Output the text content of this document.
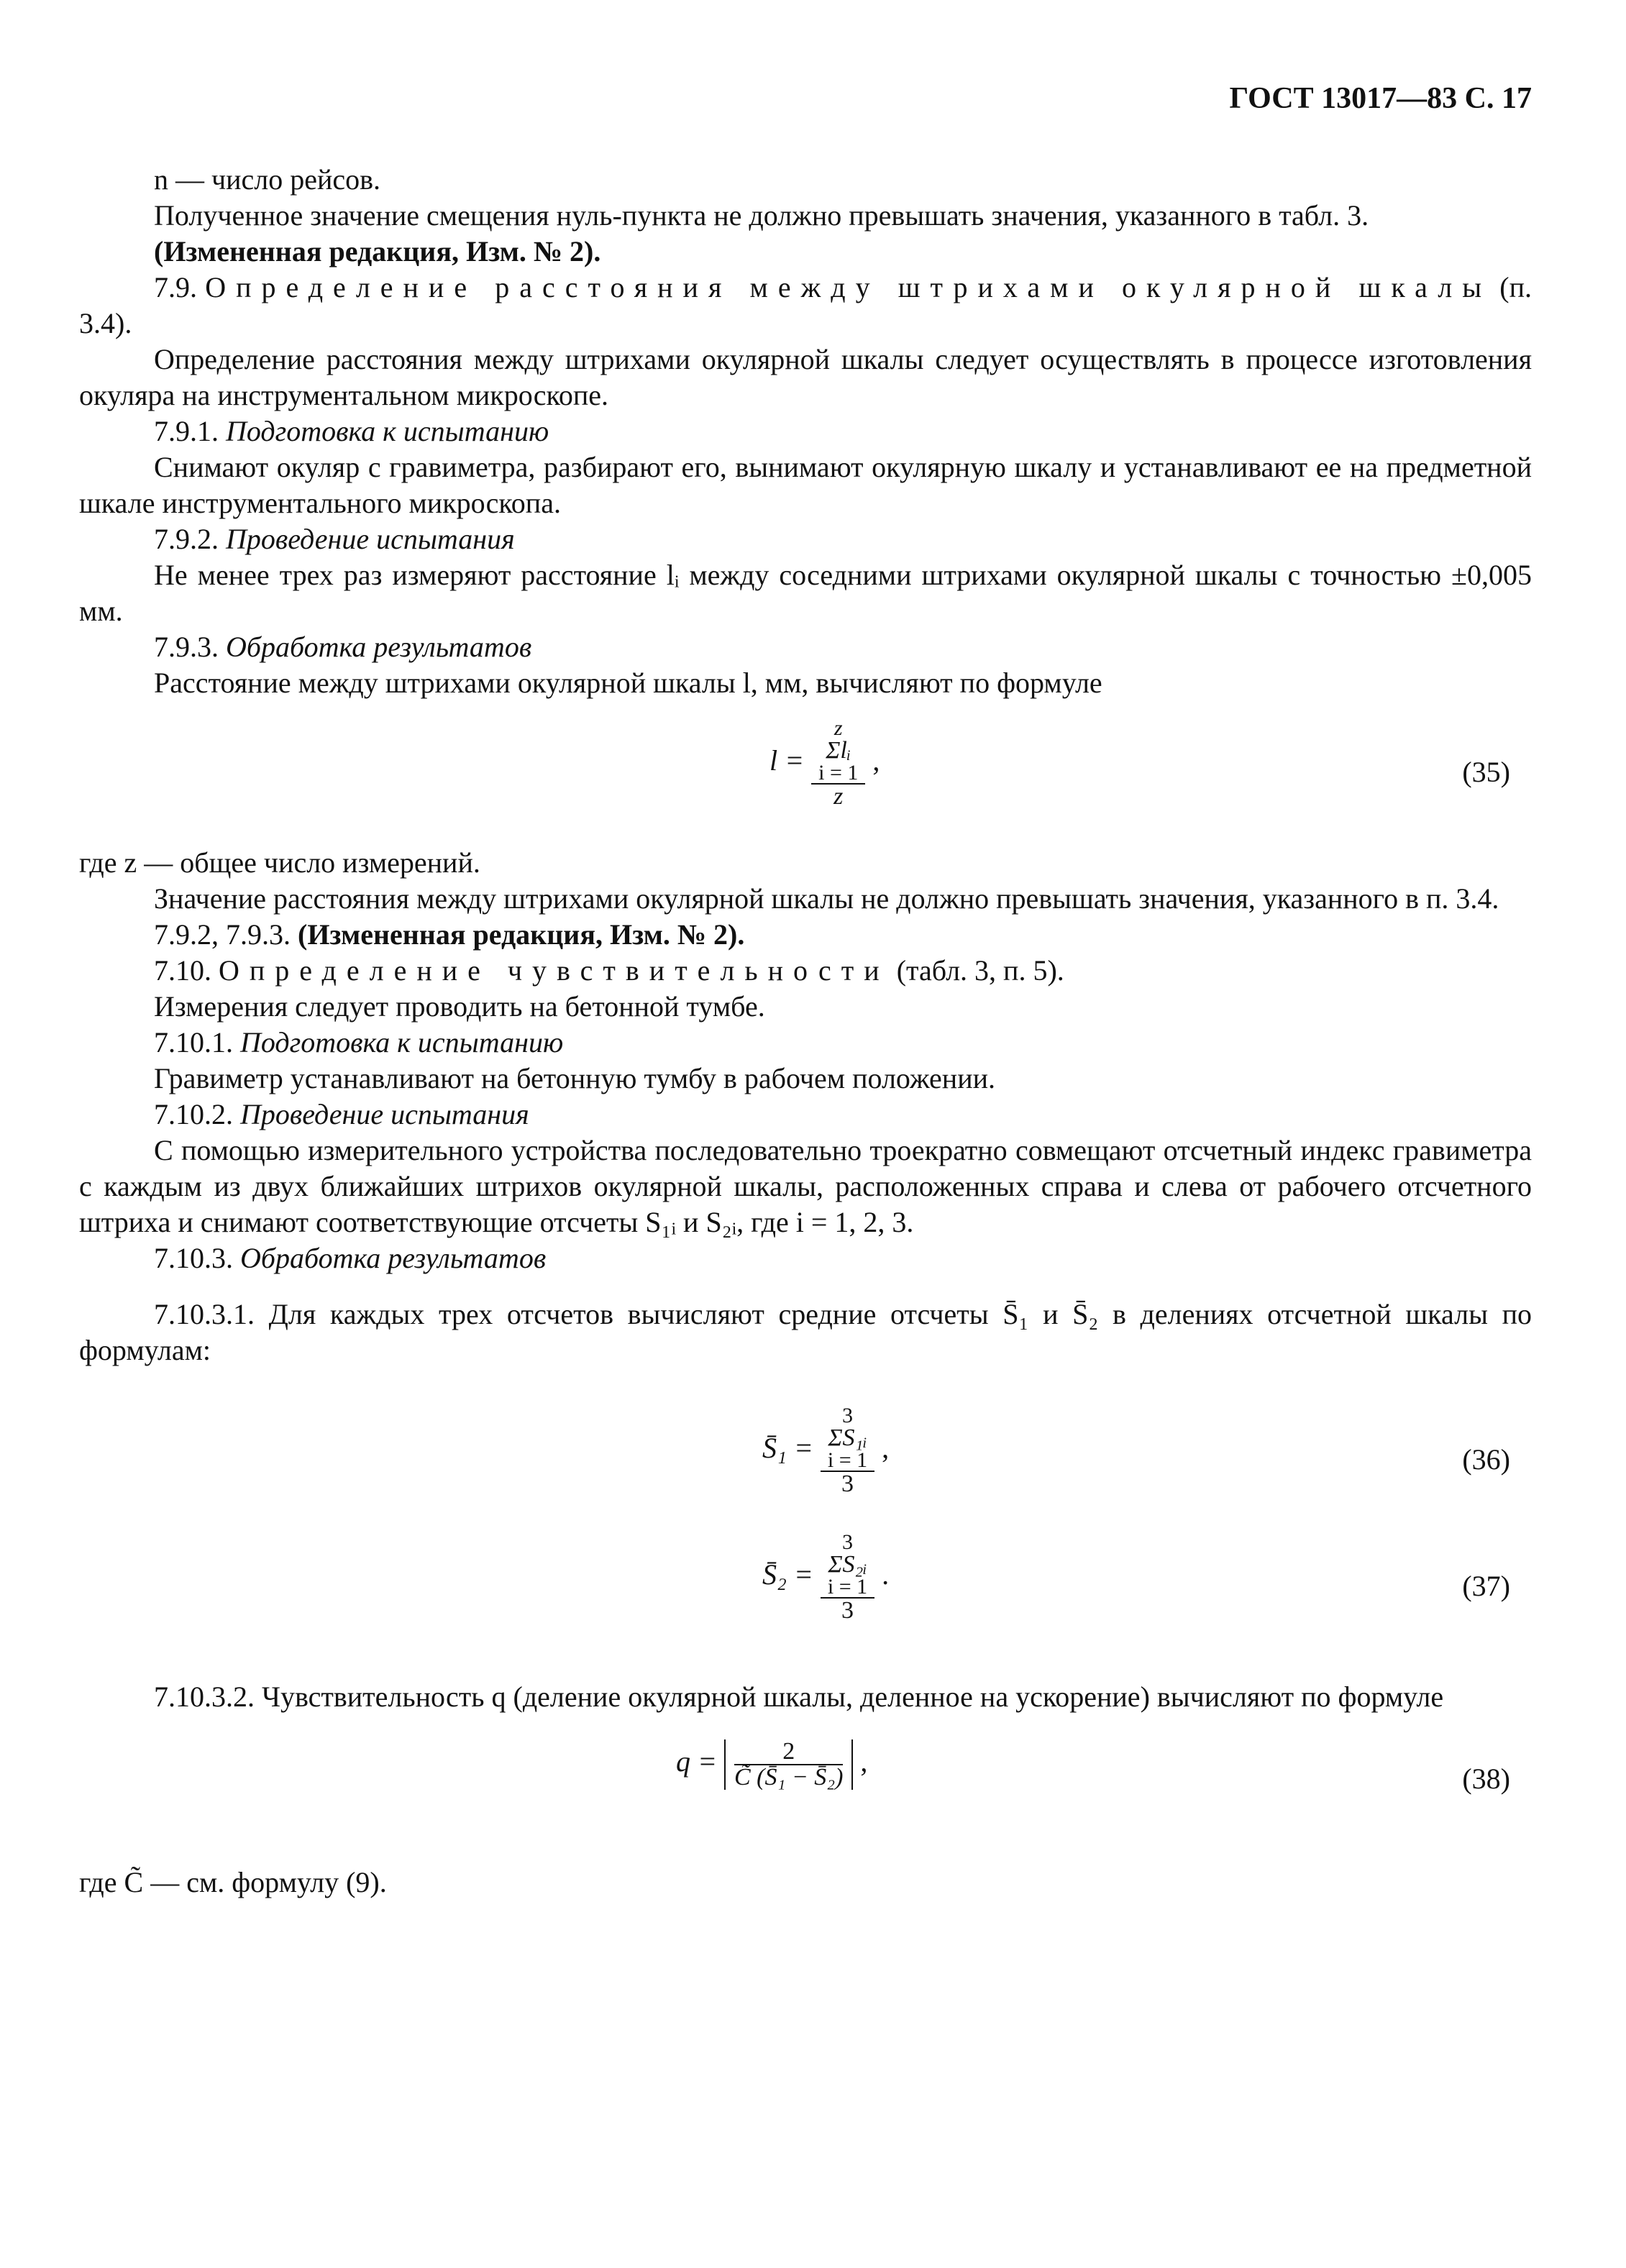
ГОСТ 13017—83 С. 17

n — число рейсов.

Полученное значение смещения нуль-пункта не должно превышать значения, указанного в табл. 3.

(Измененная редакция, Изм. № 2).

7.9. Определение расстояния между штрихами окулярной шкалы (п. 3.4).

Определение расстояния между штрихами окулярной шкалы следует осуществлять в процессе изготовления окуляра на инструментальном микроскопе.

7.9.1. Подготовка к испытанию

Снимают окуляр с гравиметра, разбирают его, вынимают окулярную шкалу и устанавливают ее на предметной шкале инструментального микроскопа.

7.9.2. Проведение испытания

Не менее трех раз измеряют расстояние lᵢ между соседними штрихами окулярной шкалы с точностью ±0,005 мм.

7.9.3. Обработка результатов

Расстояние между штрихами окулярной шкалы l, мм, вычисляют по формуле

l = z
Σlᵢ
i = 1
z ,	(35)

где z — общее число измерений.

Значение расстояния между штрихами окулярной шкалы не должно превышать значения, указанного в п. 3.4.

7.9.2, 7.9.3. (Измененная редакция, Изм. № 2).

7.10. Определение чувствительности (табл. 3, п. 5).

Измерения следует проводить на бетонной тумбе.

7.10.1. Подготовка к испытанию

Гравиметр устанавливают на бетонную тумбу в рабочем положении.

7.10.2. Проведение испытания

С помощью измерительного устройства последовательно троекратно совмещают отсчетный индекс гравиметра с каждым из двух ближайших штрихов окулярной шкалы, расположенных справа и слева от рабочего отсчетного штриха и снимают соответствующие отсчеты S₁ᵢ и S₂ᵢ, где i = 1, 2, 3.

7.10.3. Обработка результатов

7.10.3.1. Для каждых трех отсчетов вычисляют средние отсчеты S̄₁ и S̄₂ в делениях отсчетной шкалы по формулам:

S̄₁ = 3
ΣS₁ᵢ
i = 1
3 ,	(36)
S̄₂ = 3
ΣS₂ᵢ
i = 1
3 .	(37)

7.10.3.2. Чувствительность q (деление окулярной шкалы, деленное на ускорение) вычисляют по формуле

$q = \frac{2}{\text{C̃ (S̄₁ − S̄₂)}}$ ,
(38)

где C̃ — см. формулу (9).
